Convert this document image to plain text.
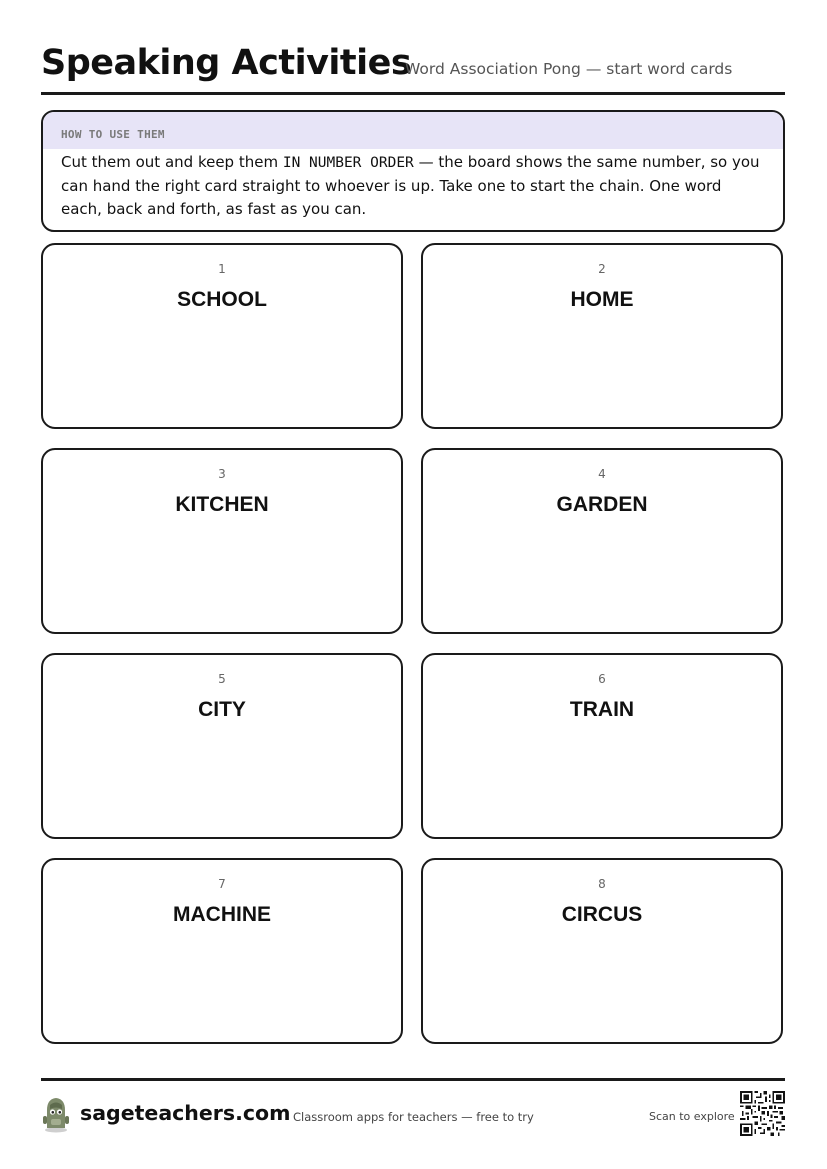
Speaking Activities
Word Association Pong — start word cards
HOW TO USE THEM
Cut them out and keep them IN NUMBER ORDER — the board shows the same number, so you can hand the right card straight to whoever is up. Take one to start the chain. One word each, back and forth, as fast as you can.
1
SCHOOL
2
HOME
3
KITCHEN
4
GARDEN
5
CITY
6
TRAIN
7
MACHINE
8
CIRCUS
sageteachers.com Classroom apps for teachers — free to try	Scan to explore
